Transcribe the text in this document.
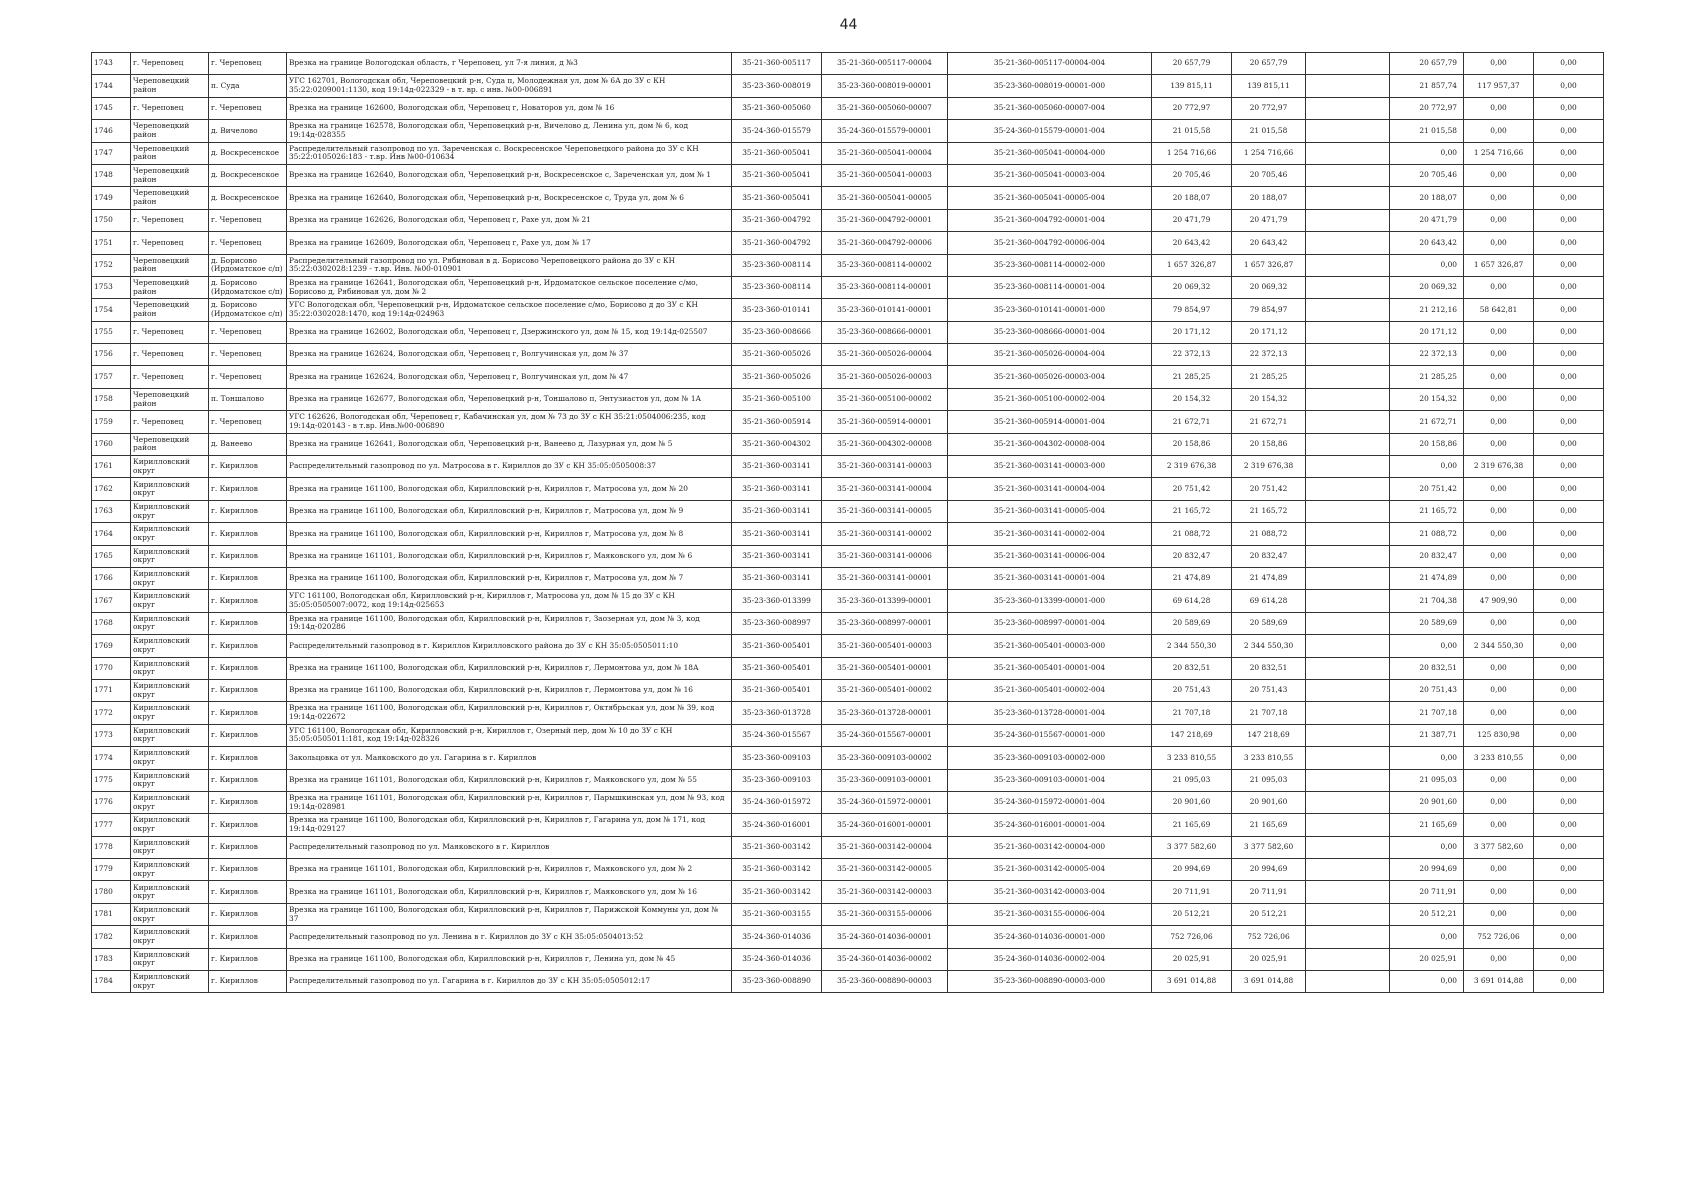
44
1743	г. Череповец	г. Череповец	Врезка на границе Вологодская область, г Череповец, ул 7-я линия, д №3	35-21-360-005117	35-21-360-005117-00004	35-21-360-005117-00004-004	20 657,79	20 657,79		20 657,79	0,00	0,00
1744	Череповецкий район	п. Суда	УГС 162701, Вологодская обл, Череповецкий р-н, Суда п, Молодежная ул, дом № 6А до ЗУ с КН 35:22:0209001:1130, код 19:14д-022329 - в т. вр. с инв. №00-006891	35-23-360-008019	35-23-360-008019-00001	35-23-360-008019-00001-000	139 815,11	139 815,11		21 857,74	117 957,37	0,00
1745	г. Череповец	г. Череповец	Врезка на границе 162600, Вологодская обл, Череповец г, Новаторов ул, дом № 16	35-21-360-005060	35-21-360-005060-00007	35-21-360-005060-00007-004	20 772,97	20 772,97		20 772,97	0,00	0,00
1746	Череповецкий район	д. Вичелово	Врезка на границе 162578, Вологодская обл, Череповецкий р-н, Вичелово д, Ленина ул, дом № 6, код 19:14д-028355	35-24-360-015579	35-24-360-015579-00001	35-24-360-015579-00001-004	21 015,58	21 015,58		21 015,58	0,00	0,00
1747	Череповецкий район	д. Воскресенское	Распределительный газопровод по ул. Зареченская с. Воскресенское Череповецкого района до ЗУ с КН 35:22:0105026:183 - т.вр. Инв №00-010634	35-21-360-005041	35-21-360-005041-00004	35-21-360-005041-00004-000	1 254 716,66	1 254 716,66		0,00	1 254 716,66	0,00
1748	Череповецкий район	д. Воскресенское	Врезка на границе 162640, Вологодская обл, Череповецкий р-н, Воскресенское с, Зареченская ул, дом № 1	35-21-360-005041	35-21-360-005041-00003	35-21-360-005041-00003-004	20 705,46	20 705,46		20 705,46	0,00	0,00
1749	Череповецкий район	д. Воскресенское	Врезка на границе 162640, Вологодская обл, Череповецкий р-н, Воскресенское с, Труда ул, дом № 6	35-21-360-005041	35-21-360-005041-00005	35-21-360-005041-00005-004	20 188,07	20 188,07		20 188,07	0,00	0,00
1750	г. Череповец	г. Череповец	Врезка на границе 162626, Вологодская обл, Череповец г, Рахе ул, дом № 21	35-21-360-004792	35-21-360-004792-00001	35-21-360-004792-00001-004	20 471,79	20 471,79		20 471,79	0,00	0,00
1751	г. Череповец	г. Череповец	Врезка на границе 162609, Вологодская обл, Череповец г, Рахе ул, дом № 17	35-21-360-004792	35-21-360-004792-00006	35-21-360-004792-00006-004	20 643,42	20 643,42		20 643,42	0,00	0,00
1752	Череповецкий район	д. Борисово (Ирдоматское с/п)	Распределительный газопровод по ул. Рябиновая в д. Борисово Череповецкого района до ЗУ с КН 35:22:0302028:1239 - т.вр. Инв. №00-010901	35-23-360-008114	35-23-360-008114-00002	35-23-360-008114-00002-000	1 657 326,87	1 657 326,87		0,00	1 657 326,87	0,00
1753	Череповецкий район	д. Борисово (Ирдоматское с/п)	Врезка на границе 162641, Вологодская обл, Череповецкий р-н, Ирдоматское сельское поселение с/мо, Борисово д, Рябиновая ул, дом № 2	35-23-360-008114	35-23-360-008114-00001	35-23-360-008114-00001-004	20 069,32	20 069,32		20 069,32	0,00	0,00
1754	Череповецкий район	д. Борисово (Ирдоматское с/п)	УГС Вологодская обл, Череповецкий р-н, Ирдоматское сельское поселение с/мо, Борисово д до ЗУ с КН 35:22:0302028:1470, код 19:14д-024963	35-23-360-010141	35-23-360-010141-00001	35-23-360-010141-00001-000	79 854,97	79 854,97		21 212,16	58 642,81	0,00
1755	г. Череповец	г. Череповец	Врезка на границе 162602, Вологодская обл, Череповец г, Дзержинского ул, дом № 15, код 19:14д-025507	35-23-360-008666	35-23-360-008666-00001	35-23-360-008666-00001-004	20 171,12	20 171,12		20 171,12	0,00	0,00
1756	г. Череповец	г. Череповец	Врезка на границе 162624, Вологодская обл, Череповец г, Волгучинская ул, дом № 37	35-21-360-005026	35-21-360-005026-00004	35-21-360-005026-00004-004	22 372,13	22 372,13		22 372,13	0,00	0,00
1757	г. Череповец	г. Череповец	Врезка на границе 162624, Вологодская обл, Череповец г, Волгучинская ул, дом № 47	35-21-360-005026	35-21-360-005026-00003	35-21-360-005026-00003-004	21 285,25	21 285,25		21 285,25	0,00	0,00
1758	Череповецкий район	п. Тоншалово	Врезка на границе 162677, Вологодская обл, Череповецкий р-н, Тоншалово п, Энтузиастов ул, дом № 1А	35-21-360-005100	35-21-360-005100-00002	35-21-360-005100-00002-004	20 154,32	20 154,32		20 154,32	0,00	0,00
1759	г. Череповец	г. Череповец	УГС 162626, Вологодская обл, Череповец г, Кабачинская ул, дом № 73 до ЗУ с КН 35:21:0504006:235, код 19:14д-020143 - в т.вр. Инв.№00-006890	35-21-360-005914	35-21-360-005914-00001	35-21-360-005914-00001-004	21 672,71	21 672,71		21 672,71	0,00	0,00
1760	Череповецкий район	д. Ванеево	Врезка на границе 162641, Вологодская обл, Череповецкий р-н, Ванеево д, Лазурная ул, дом № 5	35-21-360-004302	35-21-360-004302-00008	35-21-360-004302-00008-004	20 158,86	20 158,86		20 158,86	0,00	0,00
1761	Кирилловский округ	г. Кириллов	Распределительный газопровод по ул. Матросова в г. Кириллов до ЗУ с КН 35:05:0505008:37	35-21-360-003141	35-21-360-003141-00003	35-21-360-003141-00003-000	2 319 676,38	2 319 676,38		0,00	2 319 676,38	0,00
1762	Кирилловский округ	г. Кириллов	Врезка на границе 161100, Вологодская обл, Кирилловский р-н, Кириллов г, Матросова ул, дом № 20	35-21-360-003141	35-21-360-003141-00004	35-21-360-003141-00004-004	20 751,42	20 751,42		20 751,42	0,00	0,00
1763	Кирилловский округ	г. Кириллов	Врезка на границе 161100, Вологодская обл, Кирилловский р-н, Кириллов г, Матросова ул, дом № 9	35-21-360-003141	35-21-360-003141-00005	35-21-360-003141-00005-004	21 165,72	21 165,72		21 165,72	0,00	0,00
1764	Кирилловский округ	г. Кириллов	Врезка на границе 161100, Вологодская обл, Кирилловский р-н, Кириллов г, Матросова ул, дом № 8	35-21-360-003141	35-21-360-003141-00002	35-21-360-003141-00002-004	21 088,72	21 088,72		21 088,72	0,00	0,00
1765	Кирилловский округ	г. Кириллов	Врезка на границе 161101, Вологодская обл, Кирилловский р-н, Кириллов г, Маяковского ул, дом № 6	35-21-360-003141	35-21-360-003141-00006	35-21-360-003141-00006-004	20 832,47	20 832,47		20 832,47	0,00	0,00
1766	Кирилловский округ	г. Кириллов	Врезка на границе 161100, Вологодская обл, Кирилловский р-н, Кириллов г, Матросова ул, дом № 7	35-21-360-003141	35-21-360-003141-00001	35-21-360-003141-00001-004	21 474,89	21 474,89		21 474,89	0,00	0,00
1767	Кирилловский округ	г. Кириллов	УГС 161100, Вологодская обл, Кирилловский р-н, Кириллов г, Матросова ул, дом № 15 до ЗУ с КН 35:05:0505007:0072, код 19:14д-025653	35-23-360-013399	35-23-360-013399-00001	35-23-360-013399-00001-000	69 614,28	69 614,28		21 704,38	47 909,90	0,00
1768	Кирилловский округ	г. Кириллов	Врезка на границе 161100, Вологодская обл, Кирилловский р-н, Кириллов г, Заозерная ул, дом № 3, код 19:14д-020286	35-23-360-008997	35-23-360-008997-00001	35-23-360-008997-00001-004	20 589,69	20 589,69		20 589,69	0,00	0,00
1769	Кирилловский округ	г. Кириллов	Распределительный газопровод в г. Кириллов Кирилловского района до ЗУ с КН 35:05:0505011:10	35-21-360-005401	35-21-360-005401-00003	35-21-360-005401-00003-000	2 344 550,30	2 344 550,30		0,00	2 344 550,30	0,00
1770	Кирилловский округ	г. Кириллов	Врезка на границе 161100, Вологодская обл, Кирилловский р-н, Кириллов г, Лермонтова ул, дом № 18А	35-21-360-005401	35-21-360-005401-00001	35-21-360-005401-00001-004	20 832,51	20 832,51		20 832,51	0,00	0,00
1771	Кирилловский округ	г. Кириллов	Врезка на границе 161100, Вологодская обл, Кирилловский р-н, Кириллов г, Лермонтова ул, дом № 16	35-21-360-005401	35-21-360-005401-00002	35-21-360-005401-00002-004	20 751,43	20 751,43		20 751,43	0,00	0,00
1772	Кирилловский округ	г. Кириллов	Врезка на границе 161100, Вологодская обл, Кирилловский р-н, Кириллов г, Октябрьская ул, дом № 39, код 19:14д-022672	35-23-360-013728	35-23-360-013728-00001	35-23-360-013728-00001-004	21 707,18	21 707,18		21 707,18	0,00	0,00
1773	Кирилловский округ	г. Кириллов	УГС 161100, Вологодская обл, Кирилловский р-н, Кириллов г, Озерный пер, дом № 10 до ЗУ с КН 35:05:0505011:181, код 19:14д-028326	35-24-360-015567	35-24-360-015567-00001	35-24-360-015567-00001-000	147 218,69	147 218,69		21 387,71	125 830,98	0,00
1774	Кирилловский округ	г. Кириллов	Закольцовка от ул. Маяковского до ул. Гагарина в г. Кириллов	35-23-360-009103	35-23-360-009103-00002	35-23-360-009103-00002-000	3 233 810,55	3 233 810,55		0,00	3 233 810,55	0,00
1775	Кирилловский округ	г. Кириллов	Врезка на границе 161101, Вологодская обл, Кирилловский р-н, Кириллов г, Маяковского ул, дом № 55	35-23-360-009103	35-23-360-009103-00001	35-23-360-009103-00001-004	21 095,03	21 095,03		21 095,03	0,00	0,00
1776	Кирилловский округ	г. Кириллов	Врезка на границе 161101, Вологодская обл, Кирилловский р-н, Кириллов г, Парышкинская ул, дом № 93, код 19:14д-028981	35-24-360-015972	35-24-360-015972-00001	35-24-360-015972-00001-004	20 901,60	20 901,60		20 901,60	0,00	0,00
1777	Кирилловский округ	г. Кириллов	Врезка на границе 161100, Вологодская обл, Кирилловский р-н, Кириллов г, Гагарина ул, дом № 171, код 19:14д-029127	35-24-360-016001	35-24-360-016001-00001	35-24-360-016001-00001-004	21 165,69	21 165,69		21 165,69	0,00	0,00
1778	Кирилловский округ	г. Кириллов	Распределительный газопровод по ул. Маяковского в г. Кириллов	35-21-360-003142	35-21-360-003142-00004	35-21-360-003142-00004-000	3 377 582,60	3 377 582,60		0,00	3 377 582,60	0,00
1779	Кирилловский округ	г. Кириллов	Врезка на границе 161101, Вологодская обл, Кирилловский р-н, Кириллов г, Маяковского ул, дом № 2	35-21-360-003142	35-21-360-003142-00005	35-21-360-003142-00005-004	20 994,69	20 994,69		20 994,69	0,00	0,00
1780	Кирилловский округ	г. Кириллов	Врезка на границе 161101, Вологодская обл, Кирилловский р-н, Кириллов г, Маяковского ул, дом № 16	35-21-360-003142	35-21-360-003142-00003	35-21-360-003142-00003-004	20 711,91	20 711,91		20 711,91	0,00	0,00
1781	Кирилловский округ	г. Кириллов	Врезка на границе 161100, Вологодская обл, Кирилловский р-н, Кириллов г, Парижской Коммуны ул, дом № 37	35-21-360-003155	35-21-360-003155-00006	35-21-360-003155-00006-004	20 512,21	20 512,21		20 512,21	0,00	0,00
1782	Кирилловский округ	г. Кириллов	Распределительный газопровод по ул. Ленина в г. Кириллов до ЗУ с КН 35:05:0504013:52	35-24-360-014036	35-24-360-014036-00001	35-24-360-014036-00001-000	752 726,06	752 726,06		0,00	752 726,06	0,00
1783	Кирилловский округ	г. Кириллов	Врезка на границе 161100, Вологодская обл, Кирилловский р-н, Кириллов г, Ленина ул, дом № 45	35-24-360-014036	35-24-360-014036-00002	35-24-360-014036-00002-004	20 025,91	20 025,91		20 025,91	0,00	0,00
1784	Кирилловский округ	г. Кириллов	Распределительный газопровод по ул. Гагарина в г. Кириллов до ЗУ с КН 35:05:0505012:17	35-23-360-008890	35-23-360-008890-00003	35-23-360-008890-00003-000	3 691 014,88	3 691 014,88		0,00	3 691 014,88	0,00
